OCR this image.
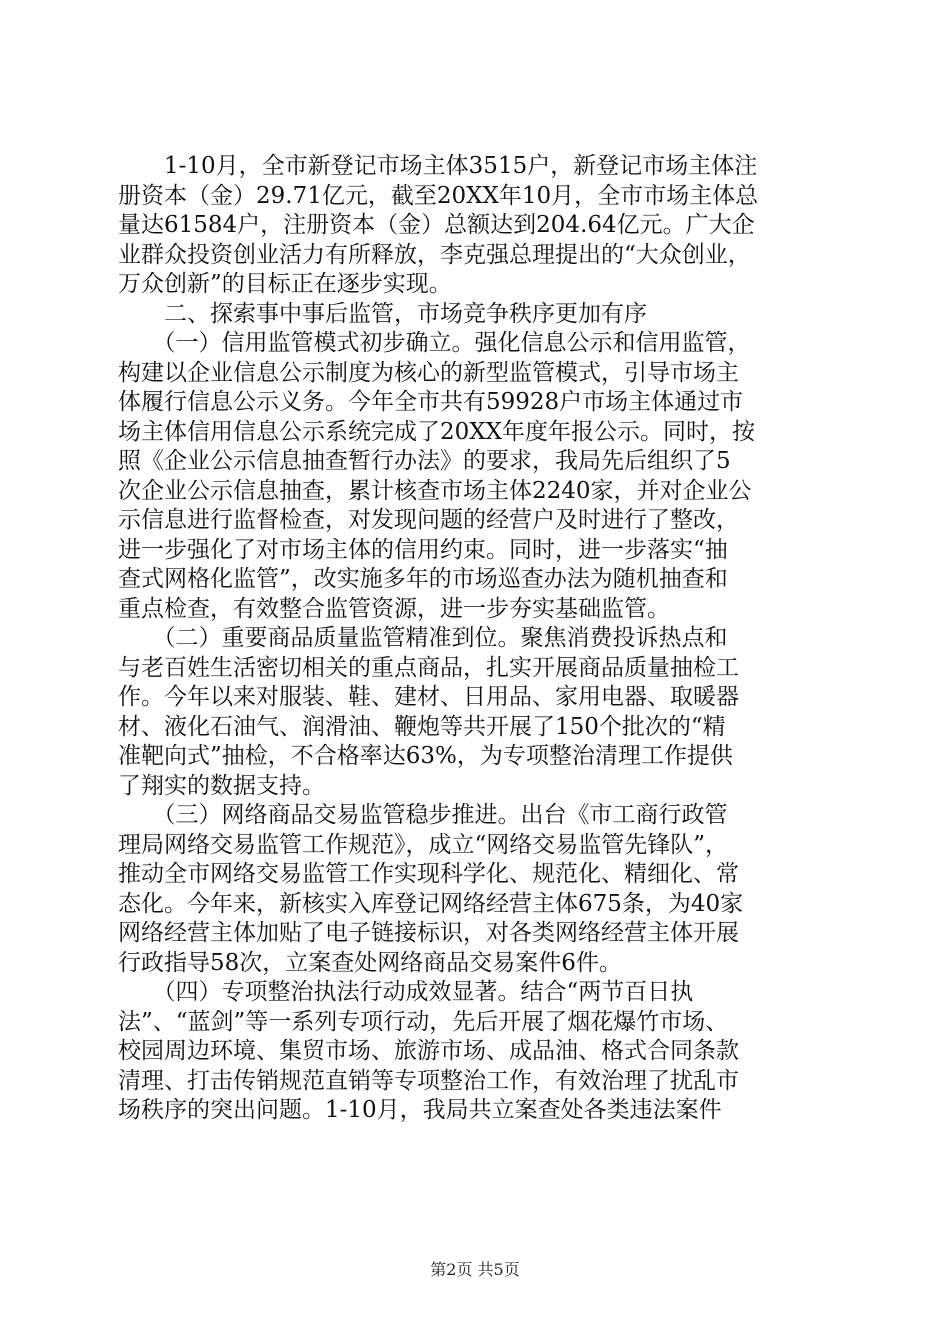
　　1-10月，全市新登记市场主体3515户，新登记市场主体注
册资本（金）29.71亿元，截至20XX年10月，全市市场主体总
量达61584户，注册资本（金）总额达到204.64亿元。广大企
业群众投资创业活力有所释放，李克强总理提出的“大众创业，
万众创新”的目标正在逐步实现。
　　二、探索事中事后监管，市场竞争秩序更加有序
　　（一）信用监管模式初步确立。强化信息公示和信用监管，
构建以企业信息公示制度为核心的新型监管模式，引导市场主
体履行信息公示义务。今年全市共有59928户市场主体通过市
场主体信用信息公示系统完成了20XX年度年报公示。同时，按
照《企业公示信息抽查暂行办法》的要求，我局先后组织了5
次企业公示信息抽查，累计核查市场主体2240家，并对企业公
示信息进行监督检查，对发现问题的经营户及时进行了整改，
进一步强化了对市场主体的信用约束。同时，进一步落实“抽
查式网格化监管”，改实施多年的市场巡查办法为随机抽查和
重点检查，有效整合监管资源，进一步夯实基础监管。
　　（二）重要商品质量监管精准到位。聚焦消费投诉热点和
与老百姓生活密切相关的重点商品，扎实开展商品质量抽检工
作。今年以来对服装、鞋、建材、日用品、家用电器、取暖器
材、液化石油气、润滑油、鞭炮等共开展了150个批次的“精
准靶向式”抽检，不合格率达63%，为专项整治清理工作提供
了翔实的数据支持。
　　（三）网络商品交易监管稳步推进。出台《市工商行政管
理局网络交易监管工作规范》，成立“网络交易监管先锋队”，
推动全市网络交易监管工作实现科学化、规范化、精细化、常
态化。今年来，新核实入库登记网络经营主体675条，为40家
网络经营主体加贴了电子链接标识，对各类网络经营主体开展
行政指导58次，立案查处网络商品交易案件6件。
　　（四）专项整治执法行动成效显著。结合“两节百日执
法”、“蓝剑”等一系列专项行动，先后开展了烟花爆竹市场、
校园周边环境、集贸市场、旅游市场、成品油、格式合同条款
清理、打击传销规范直销等专项整治工作，有效治理了扰乱市
场秩序的突出问题。1-10月，我局共立案查处各类违法案件
第2页 共5页
